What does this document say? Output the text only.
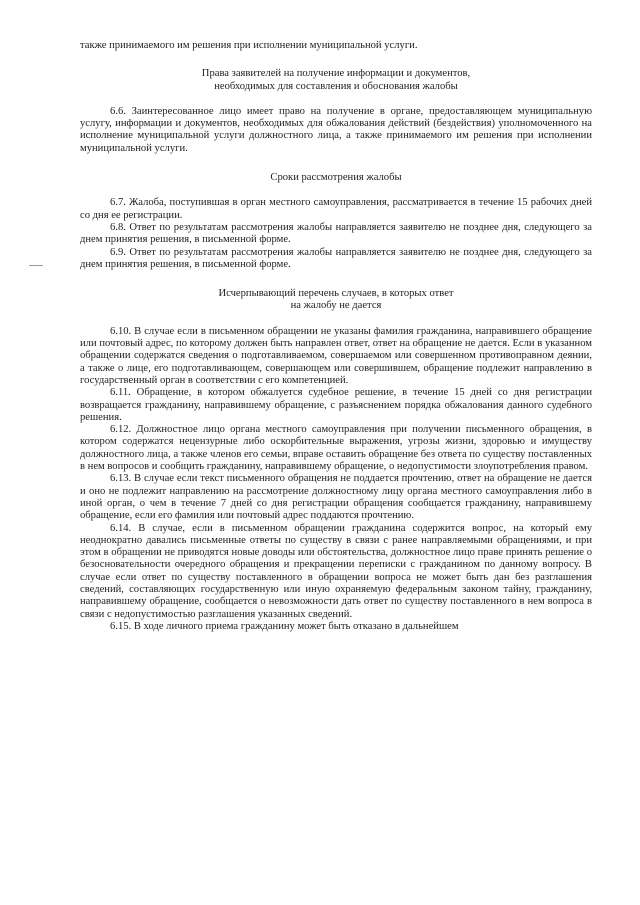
также принимаемого им решения при исполнении муниципальной услуги.

Права заявителей на получение информации и документов,

необходимых для составления и обоснования жалобы

6.6. Заинтересованное лицо имеет право на получение в органе, предоставляющем муниципальную услугу, информации и документов, необходимых для обжалования действий (бездействия) уполномоченного на исполнение муниципальной услуги должностного лица, а также принимаемого им решения при исполнении муниципальной услуги.

Сроки рассмотрения жалобы

6.7. Жалоба, поступившая в орган местного самоуправления, рассматривается в течение 15 рабочих дней со дня ее регистрации.

6.8. Ответ по результатам рассмотрения жалобы направляется заявителю не позднее дня, следующего за днем принятия решения, в письменной форме.

6.9. Ответ по результатам рассмотрения жалобы направляется заявителю не позднее дня, следующего за днем принятия решения, в письменной форме.

Исчерпывающий перечень случаев, в которых ответ

на жалобу не дается

6.10. В случае если в письменном обращении не указаны фамилия гражданина, направившего обращение или почтовый адрес, по которому должен быть направлен ответ, ответ на обращение не дается. Если в указанном обращении содержатся сведения о подготавливаемом, совершаемом или совершенном противоправном деянии, а также о лице, его подготавливающем, совершающем или совершившем, обращение подлежит направлению в государственный орган в соответствии с его компетенцией.

6.11. Обращение, в котором обжалуется судебное решение, в течение 15 дней со дня регистрации возвращается гражданину, направившему обращение, с разъяснением порядка обжалования данного судебного решения.

6.12. Должностное лицо органа местного самоуправления при получении письменного обращения, в котором содержатся нецензурные либо оскорбительные выражения, угрозы жизни, здоровью и имуществу должностного лица, а также членов его семьи, вправе оставить обращение без ответа по существу поставленных в нем вопросов и сообщить гражданину, направившему обращение, о недопустимости злоупотребления правом.

6.13. В случае если текст письменного обращения не поддается прочтению, ответ на обращение не дается и оно не подлежит направлению на рассмотрение должностному лицу органа местного самоуправления либо в иной орган, о чем в течение 7 дней со дня регистрации обращения сообщается гражданину, направившему обращение, если его фамилия или почтовый адрес поддаются прочтению.

6.14. В случае, если в письменном обращении гражданина содержится вопрос, на который ему неоднократно давались письменные ответы по существу в связи с ранее направляемыми обращениями, и при этом в обращении не приводятся новые доводы или обстоятельства, должностное лицо праве принять решение о безосновательности очередного обращения и прекращении переписки с гражданином по данному вопросу. В случае если ответ по существу поставленного в обращении вопроса не может быть дан без разглашения сведений, составляющих государственную или иную охраняемую федеральным законом тайну, гражданину, направившему обращение, сообщается о невозможности дать ответ по существу поставленного в нем вопроса в связи с недопустимостью разглашения указанных сведений.

6.15. В ходе личного приема гражданину может быть отказано в дальнейшем
